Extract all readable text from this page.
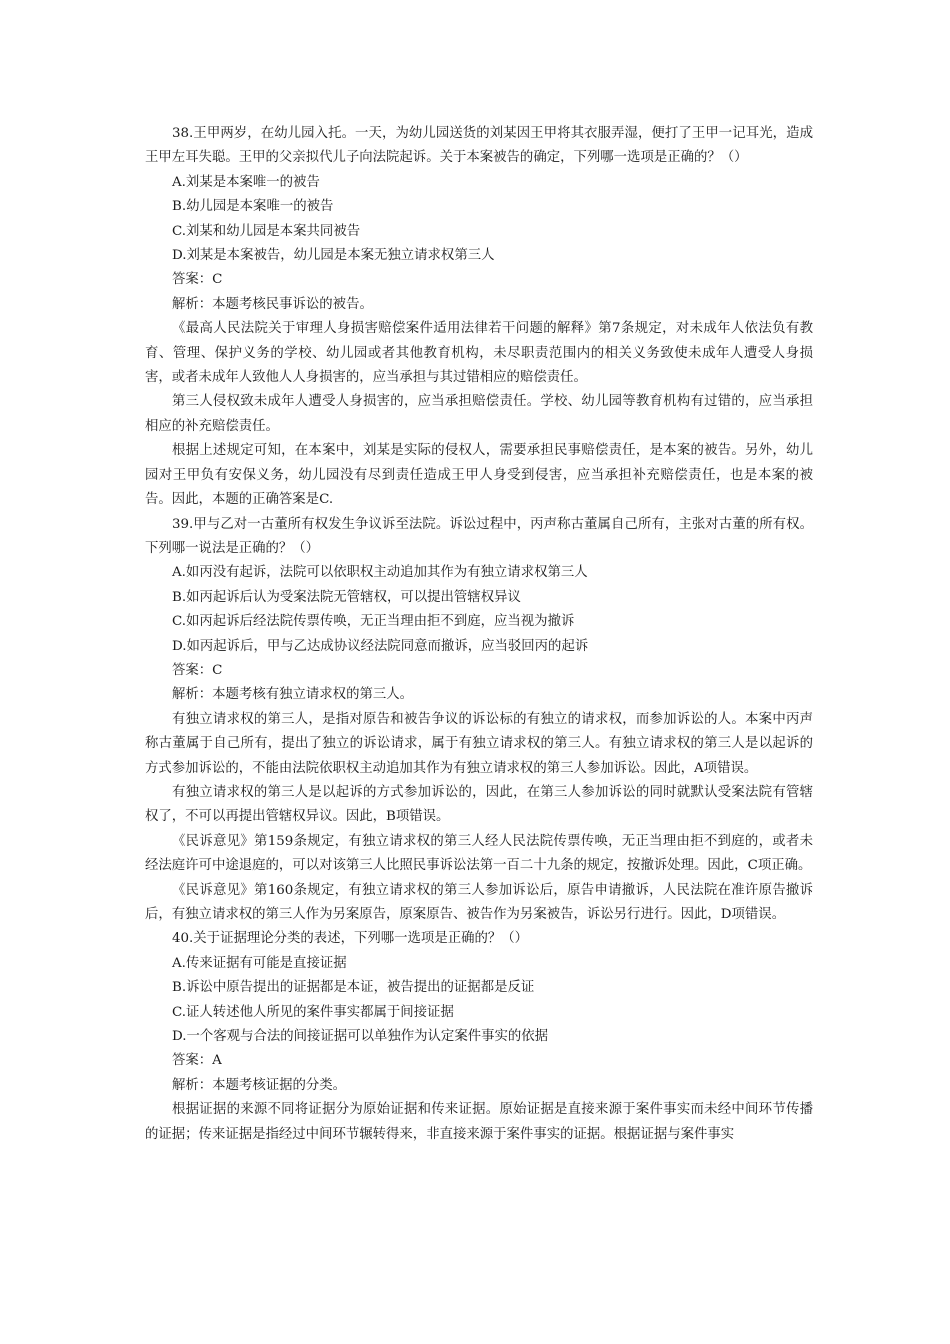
38.王甲两岁，在幼儿园入托。一天，为幼儿园送货的刘某因王甲将其衣服弄湿，便打了王甲一记耳光，造成王甲左耳失聪。王甲的父亲拟代儿子向法院起诉。关于本案被告的确定，下列哪一选项是正确的？（）

A.刘某是本案唯一的被告

B.幼儿园是本案唯一的被告

C.刘某和幼儿园是本案共同被告

D.刘某是本案被告，幼儿园是本案无独立请求权第三人

答案：C

解析：本题考核民事诉讼的被告。

《最高人民法院关于审理人身损害赔偿案件适用法律若干问题的解释》第7条规定，对未成年人依法负有教育、管理、保护义务的学校、幼儿园或者其他教育机构，未尽职责范围内的相关义务致使未成年人遭受人身损害，或者未成年人致他人人身损害的，应当承担与其过错相应的赔偿责任。

第三人侵权致未成年人遭受人身损害的，应当承担赔偿责任。学校、幼儿园等教育机构有过错的，应当承担相应的补充赔偿责任。

根据上述规定可知，在本案中，刘某是实际的侵权人，需要承担民事赔偿责任，是本案的被告。另外，幼儿园对王甲负有安保义务，幼儿园没有尽到责任造成王甲人身受到侵害，应当承担补充赔偿责任，也是本案的被告。因此，本题的正确答案是C.

39.甲与乙对一古董所有权发生争议诉至法院。诉讼过程中，丙声称古董属自己所有，主张对古董的所有权。下列哪一说法是正确的？（）

A.如丙没有起诉，法院可以依职权主动追加其作为有独立请求权第三人

B.如丙起诉后认为受案法院无管辖权，可以提出管辖权异议

C.如丙起诉后经法院传票传唤，无正当理由拒不到庭，应当视为撤诉

D.如丙起诉后，甲与乙达成协议经法院同意而撤诉，应当驳回丙的起诉

答案：C

解析：本题考核有独立请求权的第三人。

有独立请求权的第三人，是指对原告和被告争议的诉讼标的有独立的请求权，而参加诉讼的人。本案中丙声称古董属于自己所有，提出了独立的诉讼请求，属于有独立请求权的第三人。有独立请求权的第三人是以起诉的方式参加诉讼的，不能由法院依职权主动追加其作为有独立请求权的第三人参加诉讼。因此，A项错误。

有独立请求权的第三人是以起诉的方式参加诉讼的，因此，在第三人参加诉讼的同时就默认受案法院有管辖权了，不可以再提出管辖权异议。因此，B项错误。

《民诉意见》第159条规定，有独立请求权的第三人经人民法院传票传唤，无正当理由拒不到庭的，或者未经法庭许可中途退庭的，可以对该第三人比照民事诉讼法第一百二十九条的规定，按撤诉处理。因此，C项正确。

《民诉意见》第160条规定，有独立请求权的第三人参加诉讼后，原告申请撤诉，人民法院在准许原告撤诉后，有独立请求权的第三人作为另案原告，原案原告、被告作为另案被告，诉讼另行进行。因此，D项错误。

40.关于证据理论分类的表述，下列哪一选项是正确的？（）

A.传来证据有可能是直接证据

B.诉讼中原告提出的证据都是本证，被告提出的证据都是反证

C.证人转述他人所见的案件事实都属于间接证据

D.一个客观与合法的间接证据可以单独作为认定案件事实的依据

答案：A

解析：本题考核证据的分类。

根据证据的来源不同将证据分为原始证据和传来证据。原始证据是直接来源于案件事实而未经中间环节传播的证据；传来证据是指经过中间环节辗转得来，非直接来源于案件事实的证据。根据证据与案件事实
